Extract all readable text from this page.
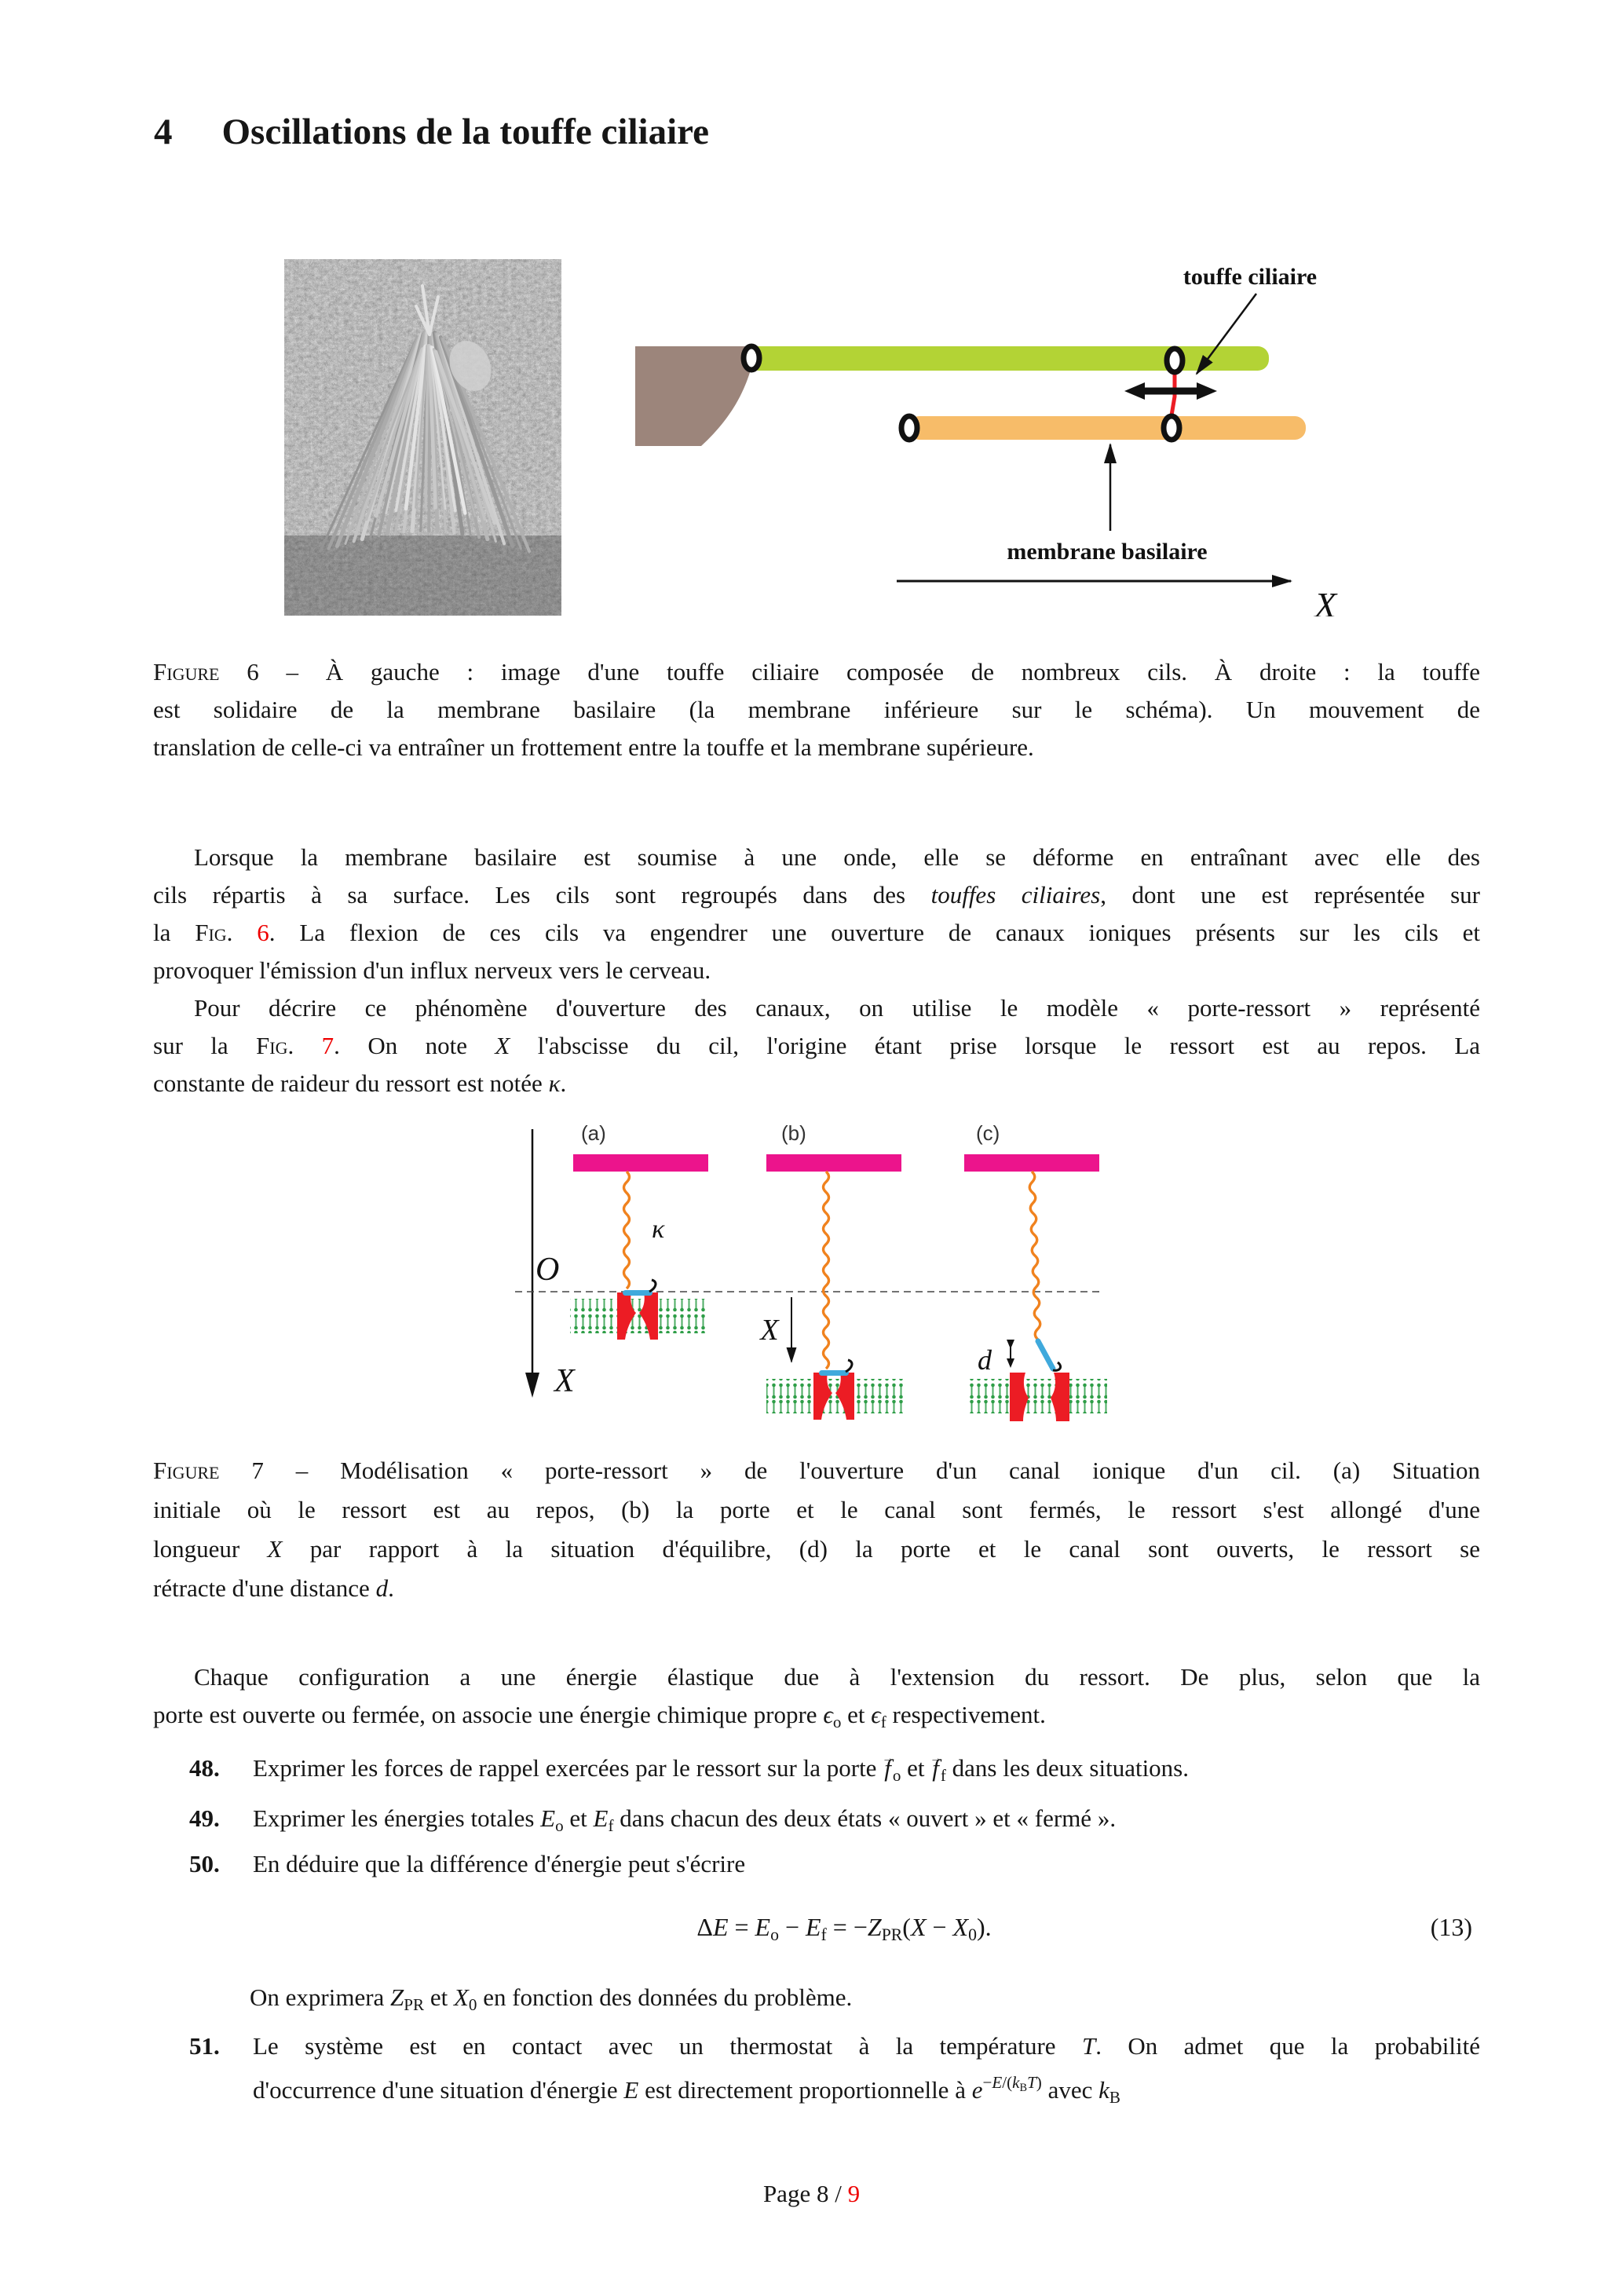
4 Oscillations de la touffe ciliaire
touffe ciliaire
membrane basilaire
X
Figure 6 – À gauche : image d'une touffe ciliaire composée de nombreux cils. À droite : la touffe
est solidaire de la membrane basilaire (la membrane inférieure sur le schéma). Un mouvement de
translation de celle-ci va entraîner un frottement entre la touffe et la membrane supérieure.
Lorsque la membrane basilaire est soumise à une onde, elle se déforme en entraînant avec elle des
cils répartis à sa surface. Les cils sont regroupés dans des touffes ciliaires, dont une est représentée sur
la Fig. 6. La flexion de ces cils va engendrer une ouverture de canaux ioniques présents sur les cils et
provoquer l'émission d'un influx nerveux vers le cerveau.
Pour décrire ce phénomène d'ouverture des canaux, on utilise le modèle « porte-ressort » représenté
sur la Fig. 7. On note X l'abscisse du cil, l'origine étant prise lorsque le ressort est au repos. La
constante de raideur du ressort est notée κ.
X
O
(a)
κ
(b)
X
(c)
d
Figure 7 – Modélisation « porte-ressort » de l'ouverture d'un canal ionique d'un cil. (a) Situation
initiale où le ressort est au repos, (b) la porte et le canal sont fermés, le ressort s'est allongé d'une
longueur X par rapport à la situation d'équilibre, (d) la porte et le canal sont ouverts, le ressort se
rétracte d'une distance d.
Chaque configuration a une énergie élastique due à l'extension du ressort. De plus, selon que la
porte est ouverte ou fermée, on associe une énergie chimique propre $\epsilon_o$ et $\epsilon_f$ respectivement.
48. Exprimer les forces de rappel exercées par le ressort sur la porte → $f_o$ et → $f_f$ dans les deux situations.
49. Exprimer les énergies totales $E_o$ et $E_f$ dans chacun des deux états « ouvert » et « fermé ».
50. En déduire que la différence d'énergie peut s'écrire
$\Delta E = E_o - E_f = -Z_{PR}(X - X_0)$.	(13)
On exprimera $Z_{PR}$ et $X_0$ en fonction des données du problème.
51. Le système est en contact avec un thermostat à la température T. On admet que la probabilité
d'occurrence d'une situation d'énergie E est directement proportionnelle à $e^{-E/(k_BT)}$ avec $k_B$
Page 8 / 9
